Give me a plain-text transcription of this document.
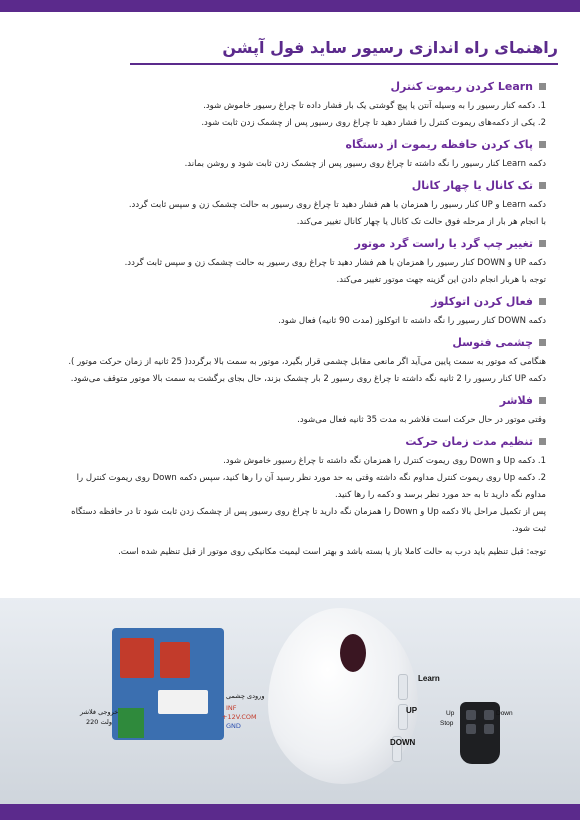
راهنمای راه اندازی رسیور ساید فول آپشن
Learn کردن ریموت کنترل

1. دکمه کنار رسیور را به وسیله آنتن یا پیچ گوشتی یک بار فشار داده تا چراغ رسیور خاموش شود.

2. یکی از دکمه‌های ریموت کنترل را فشار دهید تا چراغ روی رسیور پس از چشمک زدن ثابت شود.

پاک کردن حافظه ریموت از دستگاه

دکمه Learn کنار رسیور را نگه داشته تا چراغ روی رسیور پس از چشمک زدن ثابت شود و روشن بماند.

تک کانال یا چهار کانال

دکمه Learn و UP کنار رسیور را همزمان با هم فشار دهید تا چراغ روی رسیور به حالت چشمک زن و سپس ثابت گردد.

با انجام هر بار از مرحله فوق حالت تک کانال یا چهار کانال تغییر می‌کند.

تغییر چپ گرد یا راست گرد موتور

دکمه UP و DOWN کنار رسیور را همزمان با هم فشار دهید تا چراغ روی رسیور به حالت چشمک زن و سپس ثابت گردد.

توجه با هربار انجام دادن این گزینه جهت موتور تغییر می‌کند.

فعال کردن اتوکلوز

دکمه DOWN کنار رسیور را نگه داشته تا اتوکلوز (مدت 90 ثانیه) فعال شود.

چشمی فتوسل

هنگامی که موتور به سمت پایین می‌آید اگر مانعی مقابل چشمی قرار بگیرد، موتور به سمت بالا برگردد( 25 ثانیه از زمان حرکت موتور ).

دکمه UP کنار رسیور را 2 ثانیه نگه داشته تا چراغ روی رسیور 2 بار چشمک بزند، حال بجای برگشت به سمت بالا موتور متوقف می‌شود.

فلاشر

وقتی موتور در حال حرکت است فلاشر به مدت 35 ثانیه فعال می‌شود.

تنظیم مدت زمان حرکت

1. دکمه Up و Down روی ریموت کنترل را همزمان نگه داشته تا چراغ رسیور خاموش شود.

2. دکمه Up روی ریموت کنترل مداوم نگه داشته وقتی به حد مورد نظر رسید آن را رها کنید، سپس دکمه Down روی ریموت کنترل را

مداوم نگه دارید تا به حد مورد نظر برسد و دکمه را رها کنید.

پس از تکمیل مراحل بالا دکمه Up و Down را همزمان نگه دارید تا چراغ روی رسیور پس از چشمک زدن ثابت شود تا در حافظه دستگاه

ثبت شود.

توجه: قبل تنظیم باید درب به حالت کاملا باز یا بسته باشد و بهتر است لیمیت مکانیکی روی موتور از قبل تنظیم شده است.

ورودی چشمی
INF
+12V.COM
GND
خروجی فلاشر
220 ولت
Learn
UP
DOWN
Up
Stop
Down
